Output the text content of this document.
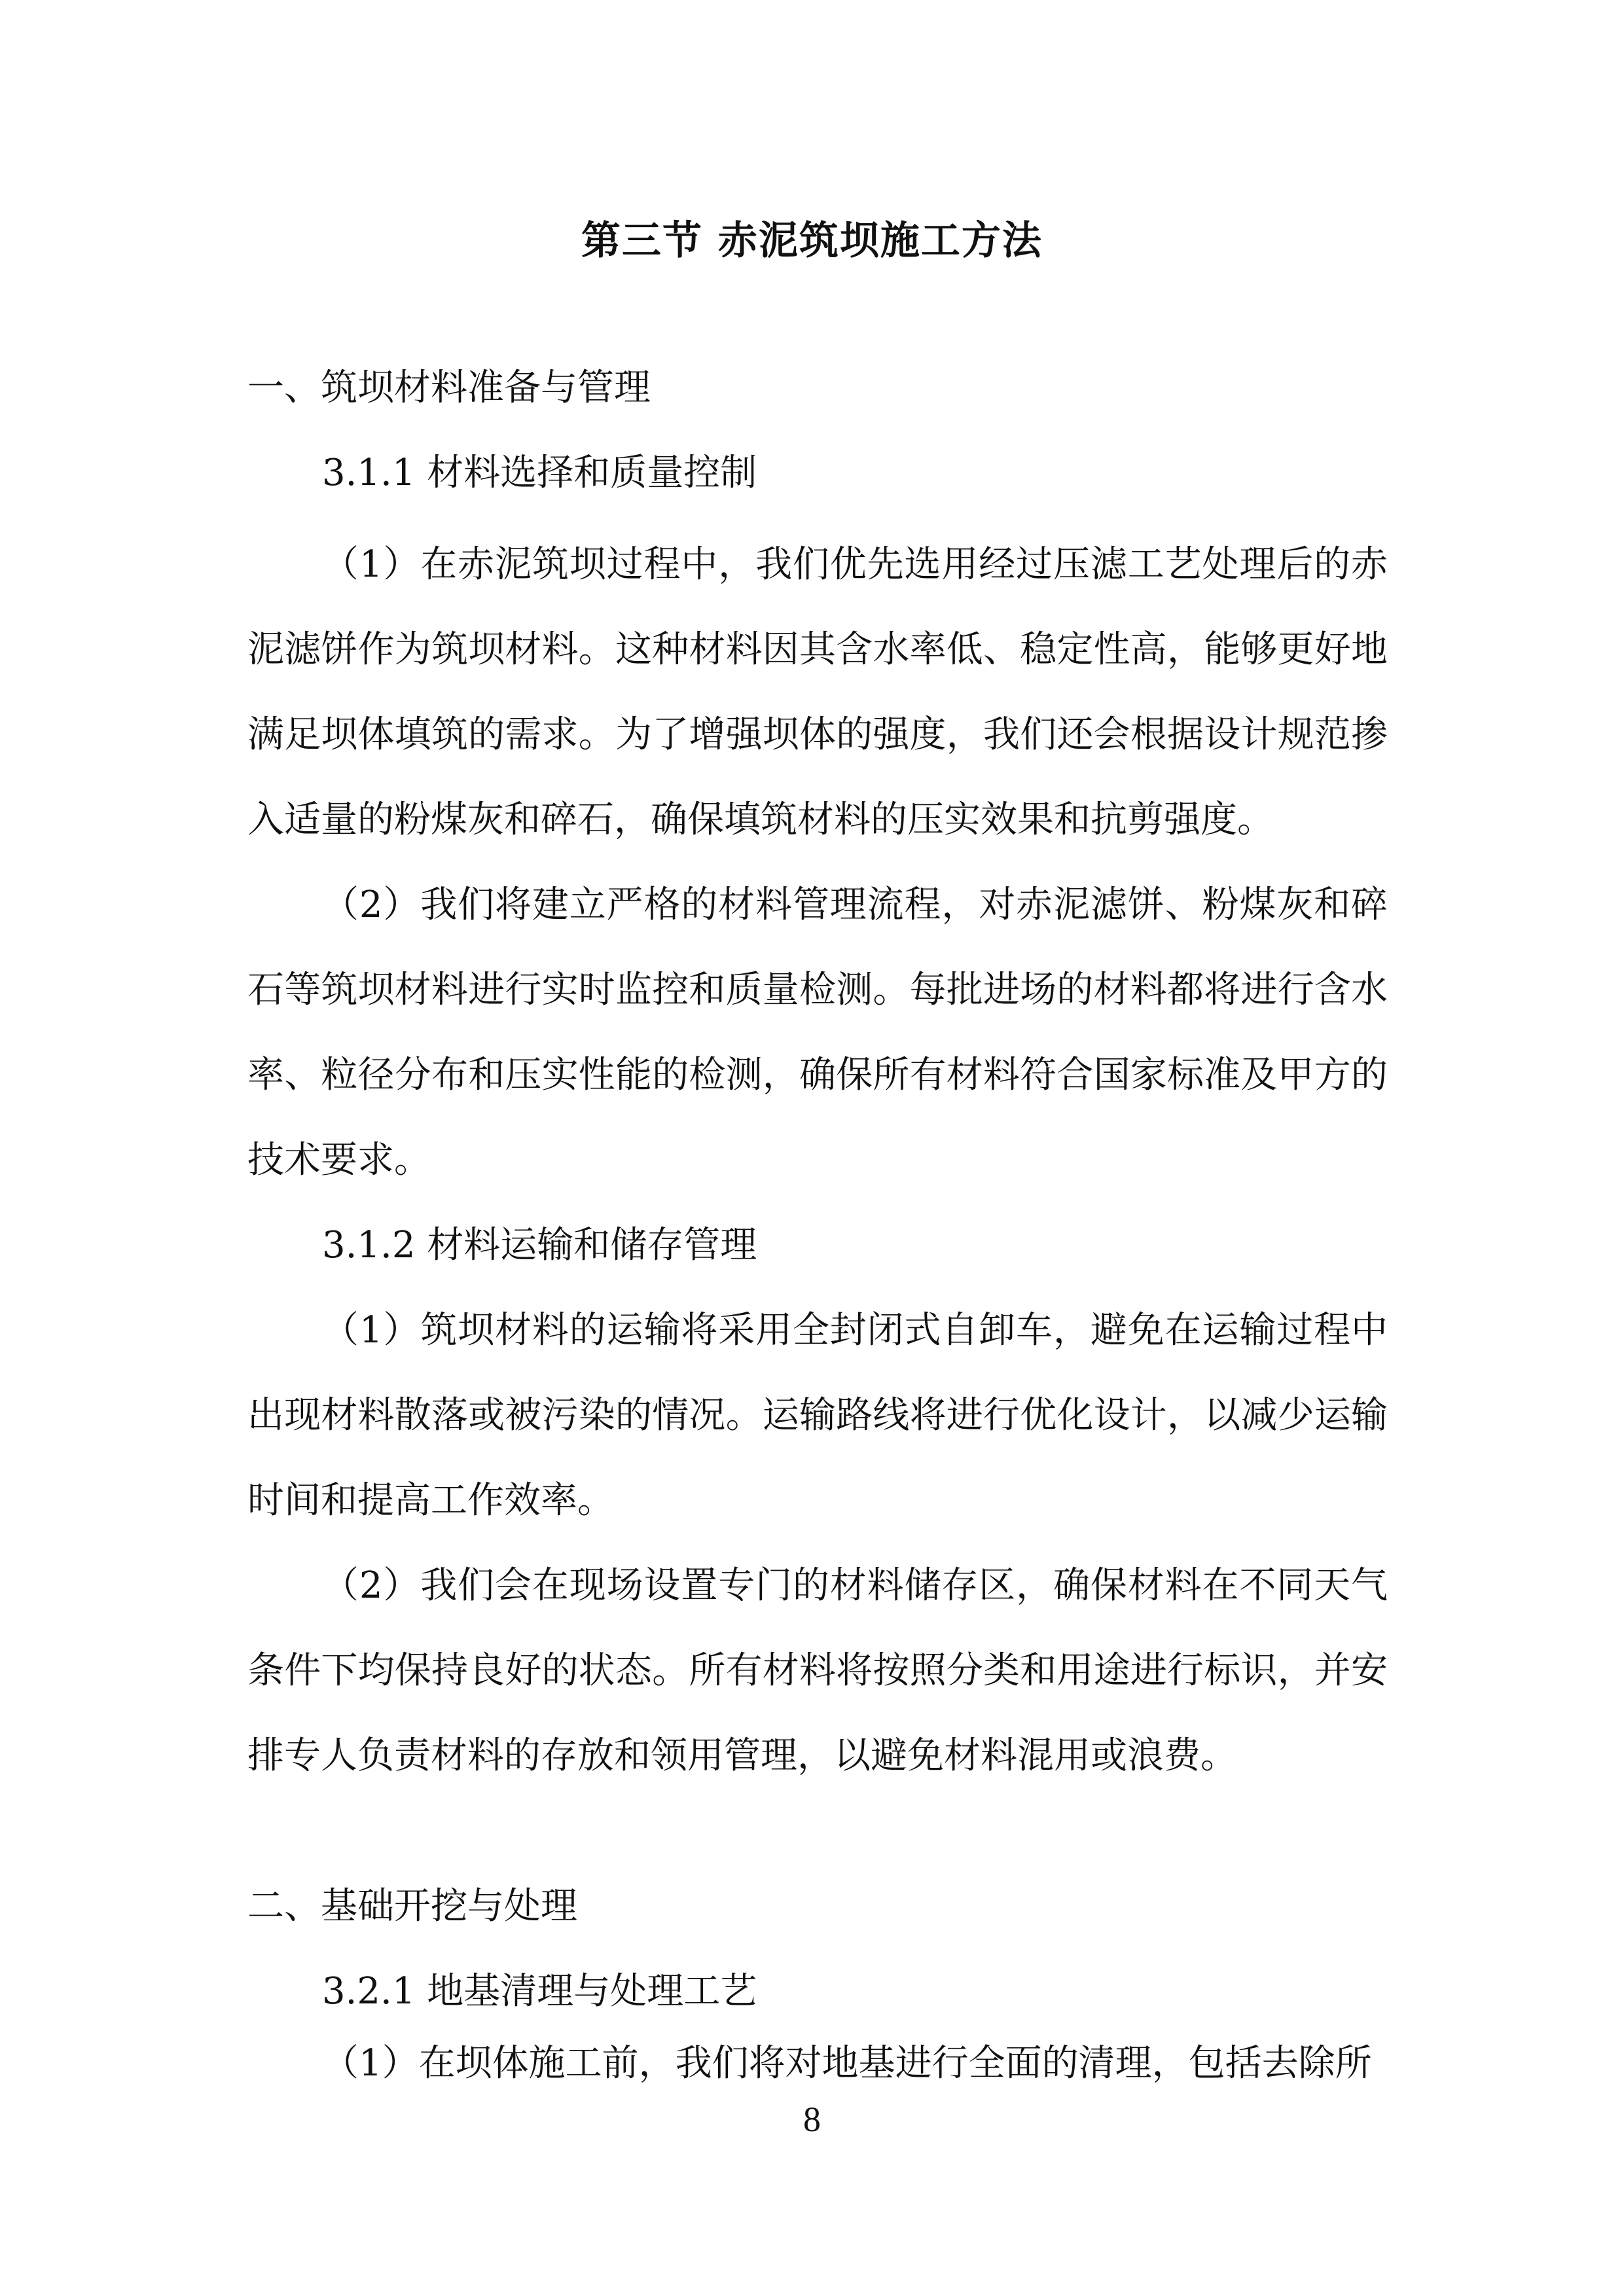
第三节 赤泥筑坝施工方法
一、筑坝材料准备与管理
3.1.1 材料选择和质量控制

（1）在赤泥筑坝过程中，我们优先选用经过压滤工艺处理后的赤泥滤饼作为筑坝材料。这种材料因其含水率低、稳定性高，能够更好地满足坝体填筑的需求。为了增强坝体的强度，我们还会根据设计规范掺入适量的粉煤灰和碎石，确保填筑材料的压实效果和抗剪强度。

（2）我们将建立严格的材料管理流程，对赤泥滤饼、粉煤灰和碎石等筑坝材料进行实时监控和质量检测。每批进场的材料都将进行含水率、粒径分布和压实性能的检测，确保所有材料符合国家标准及甲方的技术要求。

3.1.2 材料运输和储存管理

（1）筑坝材料的运输将采用全封闭式自卸车，避免在运输过程中出现材料散落或被污染的情况。运输路线将进行优化设计，以减少运输时间和提高工作效率。

（2）我们会在现场设置专门的材料储存区，确保材料在不同天气条件下均保持良好的状态。所有材料将按照分类和用途进行标识，并安排专人负责材料的存放和领用管理，以避免材料混用或浪费。

二、基础开挖与处理
3.2.1 地基清理与处理工艺

（1）在坝体施工前，我们将对地基进行全面的清理，包括去除所

8
